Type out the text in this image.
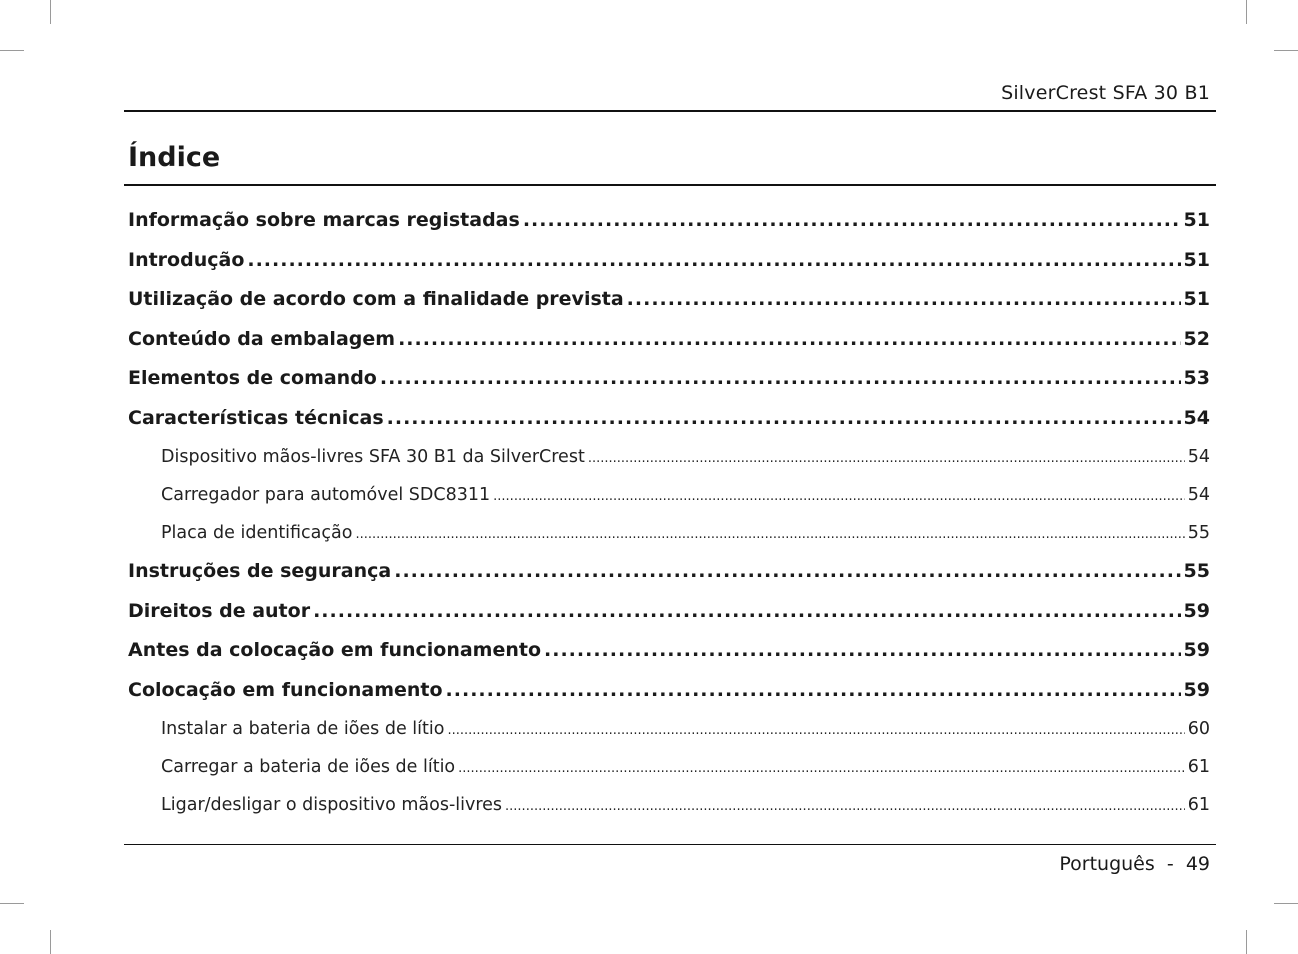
SilverCrest SFA 30 B1
Índice
Informação sobre marcas registadas .....	51
Introdução .....	51
Utilização de acordo com a finalidade prevista .....	51
Conteúdo da embalagem .....	52
Elementos de comando .....	53
Características técnicas .....	54
Dispositivo mãos-livres SFA 30 B1 da SilverCrest .....	54
Carregador para automóvel SDC8311 .....	54
Placa de identificação .....	55
Instruções de segurança .....	55
Direitos de autor .....	59
Antes da colocação em funcionamento .....	59
Colocação em funcionamento .....	59
Instalar a bateria de iões de lítio .....	60
Carregar a bateria de iões de lítio .....	61
Ligar/desligar o dispositivo mãos-livres .....	61
Português - 49
